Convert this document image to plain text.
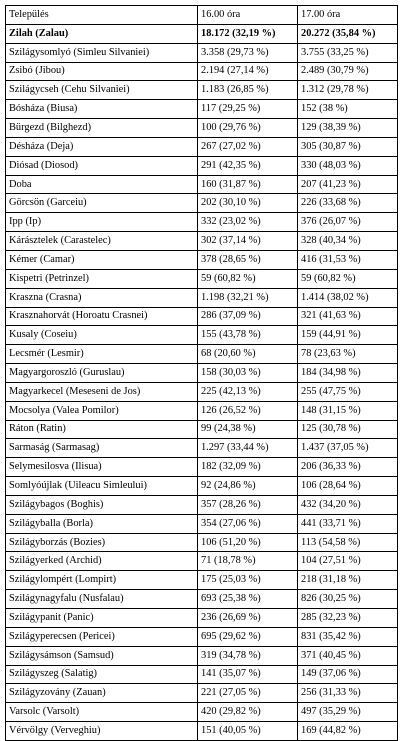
Település	16.00 óra	17.00 óra
Zilah (Zalau)	18.172 (32,19 %)	20.272 (35,84 %)
Szilágysomlyó (Simleu Silvaniei)	3.358 (29,73 %)	3.755 (33,25 %)
Zsibó (Jibou)	2.194 (27,14 %)	2.489 (30,79 %)
Szilágycseh (Cehu Silvaniei)	1.183 (26,85 %)	1.312 (29,78 %)
Bósháza (Biusa)	117 (29,25 %)	152 (38 %)
Bürgezd (Bilghezd)	100 (29,76 %)	129 (38,39 %)
Désháza (Deja)	267 (27,02 %)	305 (30,87 %)
Diósad (Diosod)	291 (42,35 %)	330 (48,03 %)
Doba	160 (31,87 %)	207 (41,23 %)
Görcsön (Garceiu)	202 (30,10 %)	226 (33,68 %)
Ipp (Ip)	332 (23,02 %)	376 (26,07 %)
Kárásztelek (Carastelec)	302 (37,14 %)	328 (40,34 %)
Kémer (Camar)	378 (28,65 %)	416 (31,53 %)
Kispetri (Petrinzel)	59 (60,82 %)	59 (60,82 %)
Kraszna (Crasna)	1.198 (32,21 %)	1.414 (38,02 %)
Krasznahorvát (Horoatu Crasnei)	286 (37,09 %)	321 (41,63 %)
Kusaly (Coseiu)	155 (43,78 %)	159 (44,91 %)
Lecsmér (Lesmir)	68 (20,60 %)	78 (23,63 %)
Magyargoroszló (Guruslau)	158 (30,03 %)	184 (34,98 %)
Magyarkecel (Meseseni de Jos)	225 (42,13 %)	255 (47,75 %)
Mocsolya (Valea Pomilor)	126 (26,52 %)	148 (31,15 %)
Ráton (Ratin)	99 (24,38 %)	125 (30,78 %)
Sarmaság (Sarmasag)	1.297 (33,44 %)	1.437 (37,05 %)
Selymesilosva (Ilisua)	182 (32,09 %)	206 (36,33 %)
Somlyóújlak (Uileacu Simleului)	92 (24,86 %)	106 (28,64 %)
Szilágybagos (Boghis)	357 (28,26 %)	432 (34,20 %)
Szilágyballa (Borla)	354 (27,06 %)	441 (33,71 %)
Szilágyborzás (Bozies)	106 (51,20 %)	113 (54,58 %)
Szilágyerked (Archid)	71 (18,78 %)	104 (27,51 %)
Szilágylompért (Lompirt)	175 (25,03 %)	218 (31,18 %)
Szilágynagyfalu (Nusfalau)	693 (25,38 %)	826 (30,25 %)
Szilágypanit (Panic)	236 (26,69 %)	285 (32,23 %)
Szilágyperecsen (Pericei)	695 (29,62 %)	831 (35,42 %)
Szilágysámson (Samsud)	319 (34,78 %)	371 (40,45 %)
Szilágyszeg (Salatig)	141 (35,07 %)	149 (37,06 %)
Szilágyzovány (Zauan)	221 (27,05 %)	256 (31,33 %)
Varsolc (Varsolt)	420 (29,82 %)	497 (35,29 %)
Vérvölgy (Verveghiu)	151 (40,05 %)	169 (44,82 %)
